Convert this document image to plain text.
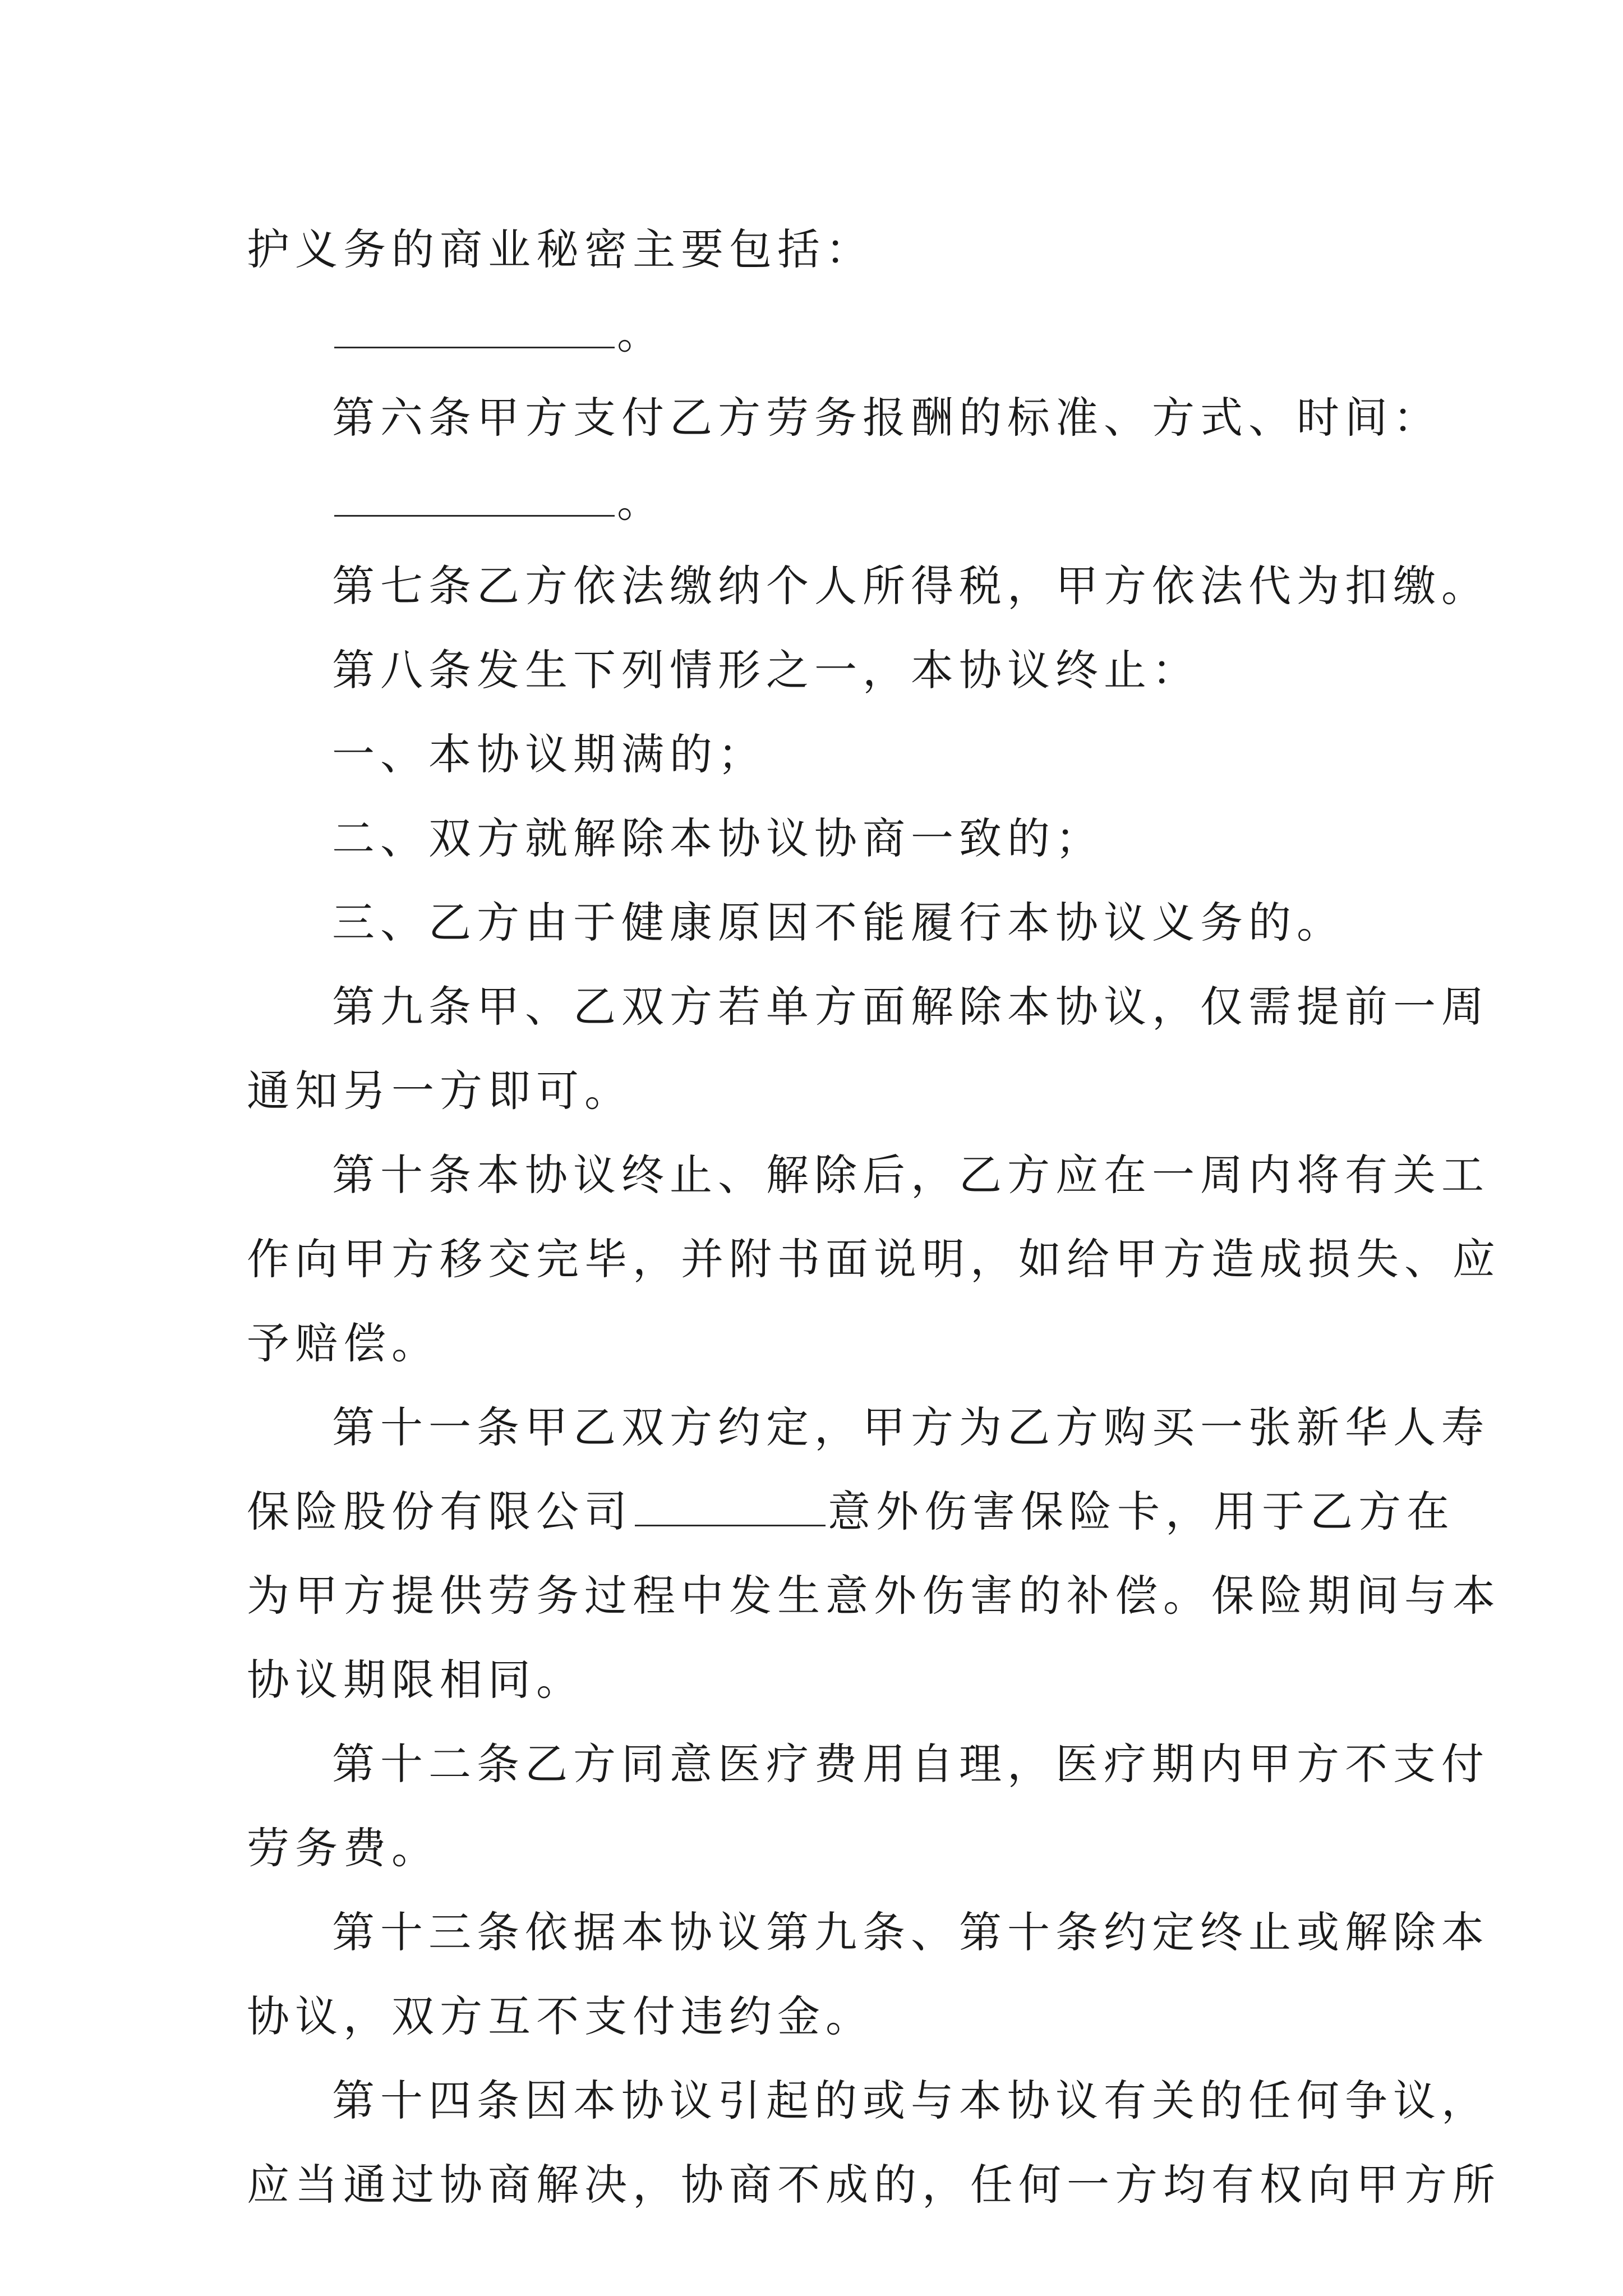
护义务的商业秘密主要包括：
。
第六条甲方支付乙方劳务报酬的标准、方式、时间：
。
第七条乙方依法缴纳个人所得税，甲方依法代为扣缴。
第八条发生下列情形之一，本协议终止：
一、本协议期满的；
二、双方就解除本协议协商一致的；
三、乙方由于健康原因不能履行本协议义务的。
第九条甲、乙双方若单方面解除本协议，仅需提前一周
通知另一方即可。
第十条本协议终止、解除后，乙方应在一周内将有关工
作向甲方移交完毕，并附书面说明，如给甲方造成损失、应
予赔偿。
第十一条甲乙双方约定，甲方为乙方购买一张新华人寿
保险股份有限公司	意外伤害保险卡，用于乙方在
为甲方提供劳务过程中发生意外伤害的补偿。保险期间与本
协议期限相同。
第十二条乙方同意医疗费用自理，医疗期内甲方不支付
劳务费。
第十三条依据本协议第九条、第十条约定终止或解除本
协议，双方互不支付违约金。
第十四条因本协议引起的或与本协议有关的任何争议，
应当通过协商解决，协商不成的，任何一方均有权向甲方所
